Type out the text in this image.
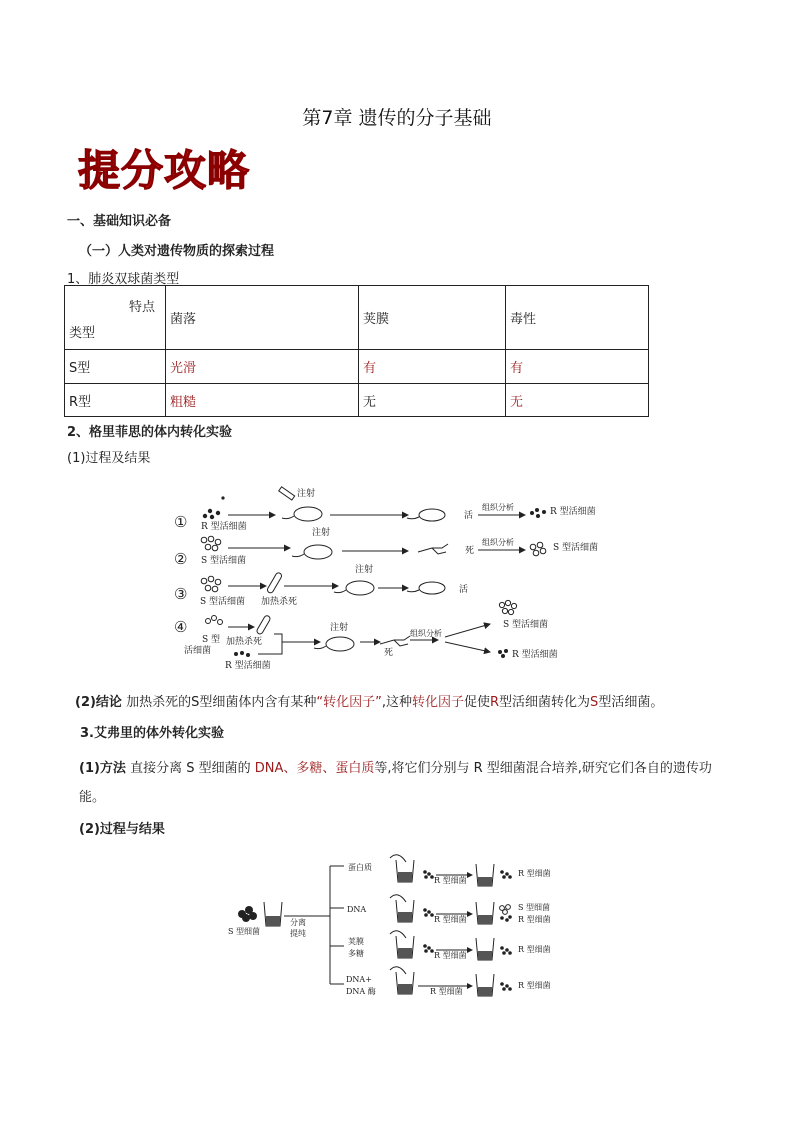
第7章 遗传的分子基础
提分攻略
一、基础知识必备
（一）人类对遗传物质的探索过程
1、肺炎双球菌类型
特点
类型	菌落	荚膜	毒性
S型	光滑	有	有
R型	粗糙	无	无
2、格里菲思的体内转化实验
(1)过程及结果
① R 型活细菌
注射
活
组织分析	R 型活细菌
② S 型活细菌
注射
死
组织分析
S 型活细菌
③ S 型活细菌 加热杀死
注射
活
④
S 型
活细菌
加热杀死
R 型活细菌
注射
死
组织分析
S 型活细菌
R 型活细菌
(2)结论 加热杀死的S型细菌体内含有某种“转化因子”,这种转化因子促使R型活细菌转化为S型活细菌。
3.艾弗里的体外转化实验
(1)方法 直接分离 S 型细菌的 DNA、多糖、蛋白质等,将它们分别与 R 型细菌混合培养,研究它们各自的遗传功能。
(2)过程与结果
S 型细菌
分离
提纯
蛋白质
R 型细菌
R 型细菌
DNA
R 型细菌
S 型细菌
R 型细菌
荚膜
多糖	R 型细菌
R 型细菌
DNA+
DNA 酶	R 型细菌
R 型细菌
